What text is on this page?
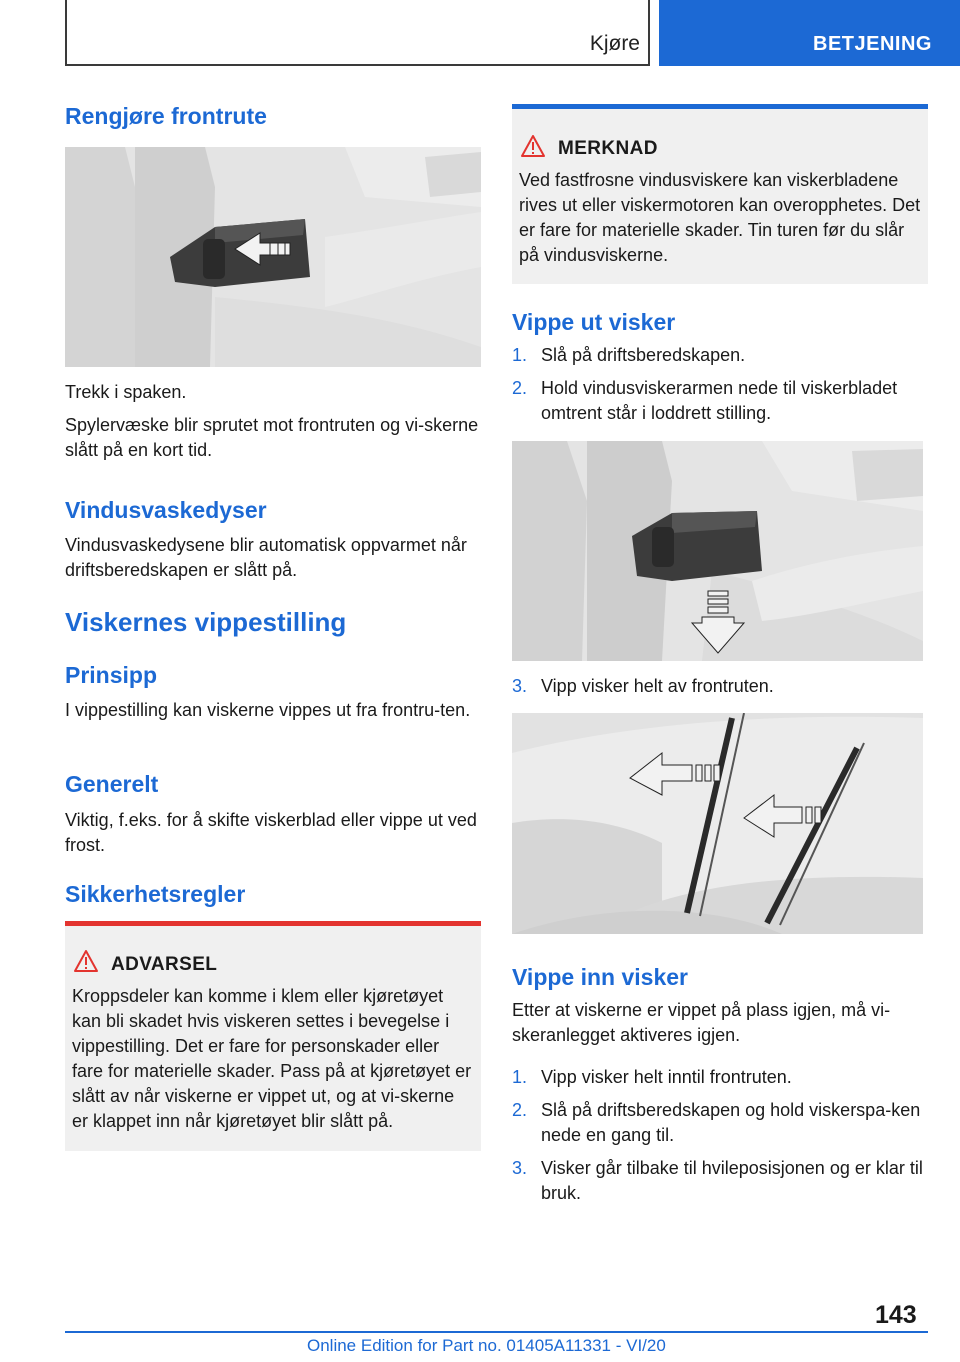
Kjøre	BETJENING
Rengjøre frontrute

Trekk i spaken.

Spylervæske blir sprutet mot frontruten og vi-skerne slått på en kort tid.

Vindusvaskedyser

Vindusvaskedysene blir automatisk oppvarmet når driftsberedskapen er slått på.

Viskernes vippestilling
Prinsipp

I vippestilling kan viskerne vippes ut fra frontru-ten.

Generelt

Viktig, f.eks. for å skifte viskerblad eller vippe ut ved frost.

Sikkerhetsregler
ADVARSEL

Kroppsdeler kan komme i klem eller kjøretøyet kan bli skadet hvis viskeren settes i bevegelse i vippestilling. Det er fare for personskader eller fare for materielle skader. Pass på at kjøretøyet er slått av når viskerne er vippet ut, og at vi-skerne er klappet inn når kjøretøyet blir slått på.

MERKNAD

Ved fastfrosne vindusviskere kan viskerbladene rives ut eller viskermotoren kan overopphetes. Det er fare for materielle skader. Tin turen før du slår på vindusviskerne.

Vippe ut visker
1. Slå på driftsberedskapen.
2. Hold vindusviskerarmen nede til viskerbladet omtrent står i loddrett stilling.
3. Vipp visker helt av frontruten.
Vippe inn visker

Etter at viskerne er vippet på plass igjen, må vi-skeranlegget aktiveres igjen.

1. Vipp visker helt inntil frontruten.
2. Slå på driftsberedskapen og hold viskerspa-ken nede en gang til.
3. Visker går tilbake til hvileposisjonen og er klar til bruk.
143
Online Edition for Part no. 01405A11331 - VI/20
